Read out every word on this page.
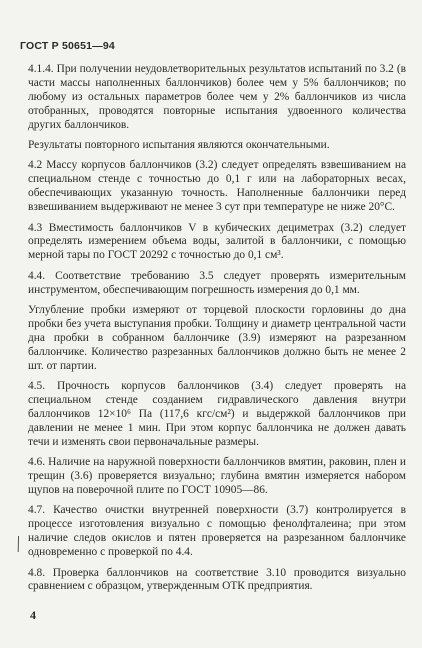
ГОСТ Р 50651—94

4.1.4. При получении неудовлетворительных результатов испытаний по 3.2 (в части массы наполненных баллончиков) более чем у 5% баллончиков; по любому из остальных параметров более чем у 2% баллончиков из числа отобранных, проводятся повторные испытания удвоенного количества других баллончиков.

Результаты повторного испытания являются окончательными.

4.2 Массу корпусов баллончиков (3.2) следует определять взвешиванием на специальном стенде с точностью до 0,1 г или на лабораторных весах, обеспечивающих указанную точность. Наполненные баллончики перед взвешиванием выдерживают не менее 3 сут при температуре не ниже 20°С.

4.3 Вместимость баллончиков V в кубических дециметрах (3.2) следует определять измерением объема воды, залитой в баллончики, с помощью мерной тары по ГОСТ 20292 с точностью до 0,1 см³.

4.4. Соответствие требованию 3.5 следует проверять измерительным инструментом, обеспечивающим погрешность измерения до 0,1 мм.

Углубление пробки измеряют от торцевой плоскости горловины до дна пробки без учета выступания пробки. Толщину и диаметр центральной части дна пробки в собранном баллончике (3.9) измеряют на разрезанном баллончике. Количество разрезанных баллончиков должно быть не менее 2 шт. от партии.

4.5. Прочность корпусов баллончиков (3.4) следует проверять на специальном стенде созданием гидравлического давления внутри баллончиков 12×10⁶ Па (117,6 кгс/см²) и выдержкой баллончиков при давлении не менее 1 мин. При этом корпус баллончика не должен давать течи и изменять свои первоначальные размеры.

4.6. Наличие на наружной поверхности баллончиков вмятин, раковин, плен и трещин (3.6) проверяется визуально; глубина вмятин измеряется набором щупов на поверочной плите по ГОСТ 10905—86.

4.7. Качество очистки внутренней поверхности (3.7) контролируется в процессе изготовления визуально с помощью фенолфталеина; при этом наличие следов окислов и пятен проверяется на разрезанном баллончике одновременно с проверкой по 4.4.

4.8. Проверка баллончиков на соответствие 3.10 проводится визуально сравнением с образцом, утвержденным ОТК предприятия.

4
